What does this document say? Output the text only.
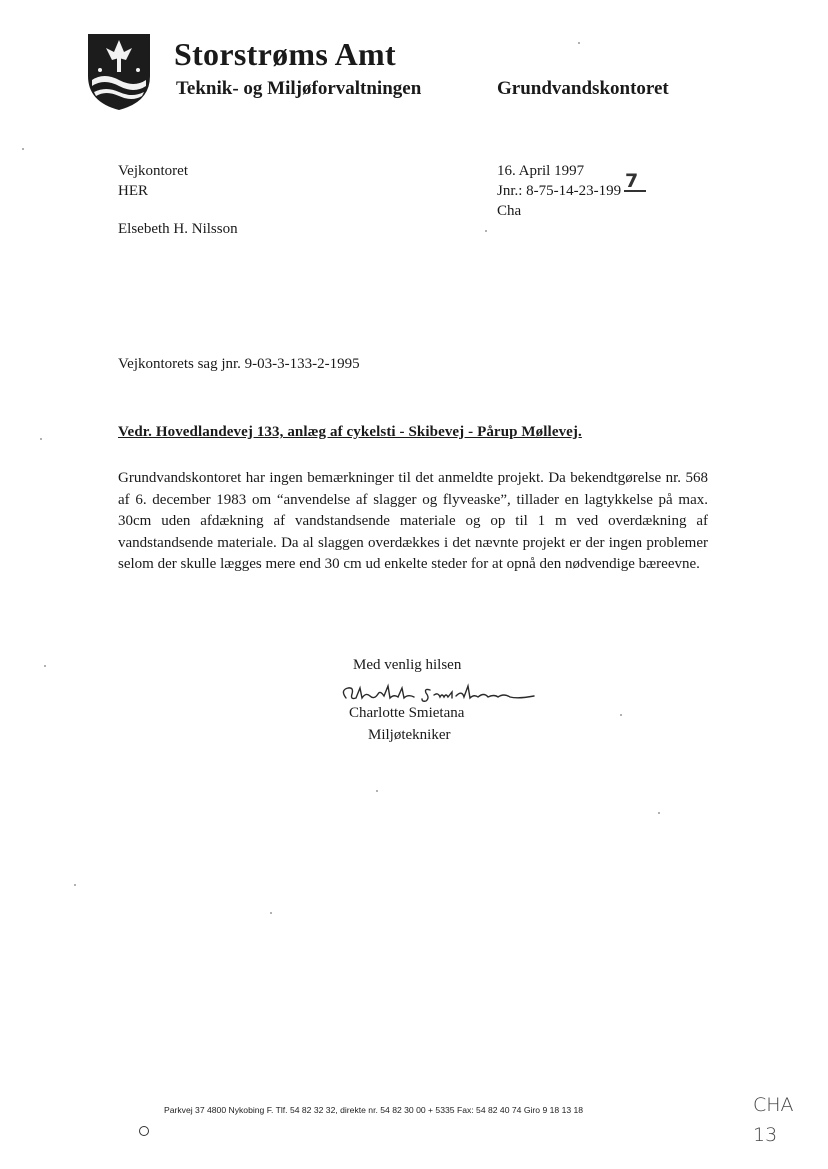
Storstrøms Amt
Teknik- og Miljøforvaltningen	Grundvandskontoret
Vejkontoret
HER
Elsebeth H. Nilsson
16. April 1997
Jnr.: 8-75-14-23-199 7
Cha
Vejkontorets sag jnr. 9-03-3-133-2-1995
Vedr. Hovedlandevej 133, anlæg af cykelsti - Skibevej - Pårup Møllevej.
Grundvandskontoret har ingen bemærkninger til det anmeldte projekt. Da bekendtgørelse nr. 568 af 6. december 1983 om “anvendelse af slagger og flyveaske”, tillader en lagtykkelse på max. 30cm uden afdækning af vandstandsende materiale og op til 1 m ved overdækning af vandstandsende materiale. Da al slaggen overdækkes i det nævnte projekt er der ingen problemer selom der skulle lægges mere end 30 cm ud enkelte steder for at opnå den nødvendige bæreevne.
Med venlig hilsen
Charlotte Smietana
Miljøtekniker
Parkvej 37 4800 Nykobing F. Tlf. 54 82 32 32, direkte nr. 54 82 30 00 + 5335 Fax: 54 82 40 74 Giro 9 18 13 18	CHA
13
